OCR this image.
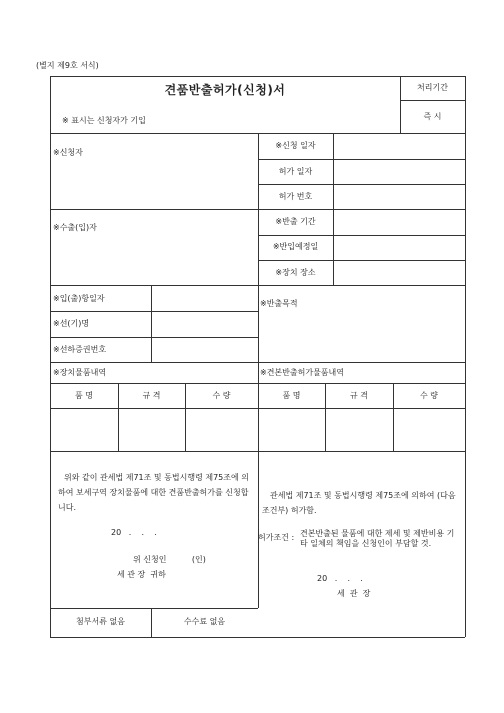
(별지 제9호 서식)
견품반출허가(신청)서
※ 표시는 신청자가 기입
처리기간
즉 시
※신청자
※신청 일자
허가 일자
허가 번호
※수출(입)자
※반출 기간
※반입예정일
※장치 장소
※입(출)항일자
※선(기)명
※선하증권번호
※반출목적
※장치물품내역	※견본반출허가물품내역
품 명	규 격	수 량	품 명	규 격	수 량
위와 같이 관세법 제71조 및 동법시행령 제75조에 의하여 보세구역 장치물품에 대한 견품반출허가를 신청합니다.
20   .    .    .
위 신청인          (인)
세 관 장  귀하
관세법 제71조 및 동법시행령 제75조에 의하여 (다음 조건부) 허가함.
허가조건 : 견본반출된 물품에 대한 제세 및 제반비용 기타 일체의 책임을 신청인이 부담할 것.
20   .    .    .
세  관  장
첨부서류 없음	수수료 없음
